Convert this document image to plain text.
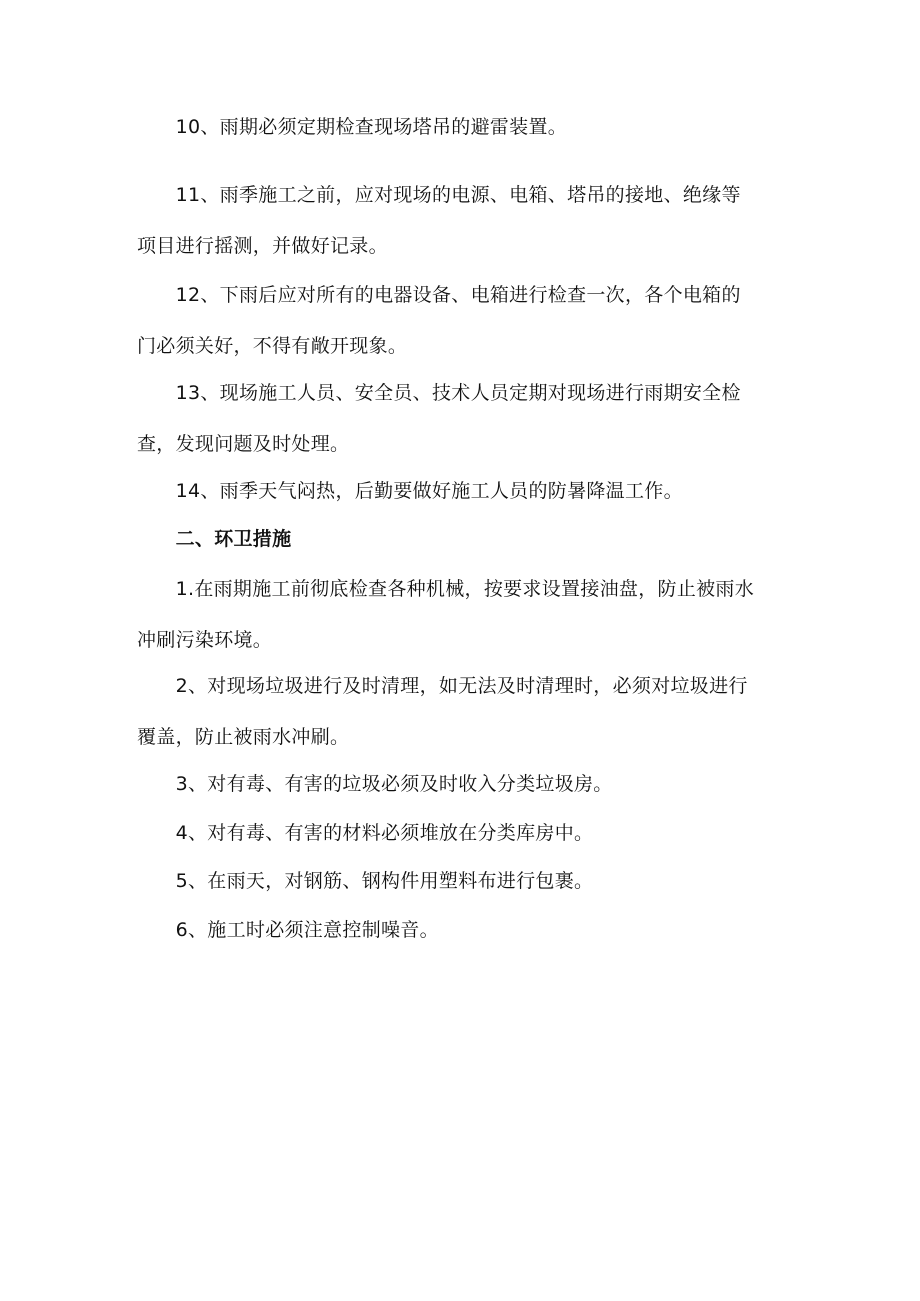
　　10、雨期必须定期检查现场塔吊的避雷装置。
　　11、雨季施工之前，应对现场的电源、电箱、塔吊的接地、绝缘等
项目进行摇测，并做好记录。
　　12、下雨后应对所有的电器设备、电箱进行检查一次，各个电箱的
门必须关好，不得有敞开现象。
　　13、现场施工人员、安全员、技术人员定期对现场进行雨期安全检
查，发现问题及时处理。
　　14、雨季天气闷热，后勤要做好施工人员的防暑降温工作。
　　二、环卫措施
　　1.在雨期施工前彻底检查各种机械，按要求设置接油盘，防止被雨水
冲刷污染环境。
　　2、对现场垃圾进行及时清理，如无法及时清理时，必须对垃圾进行
覆盖，防止被雨水冲刷。
　　3、对有毒、有害的垃圾必须及时收入分类垃圾房。
　　4、对有毒、有害的材料必须堆放在分类库房中。
　　5、在雨天，对钢筋、钢构件用塑料布进行包裹。
　　6、施工时必须注意控制噪音。
